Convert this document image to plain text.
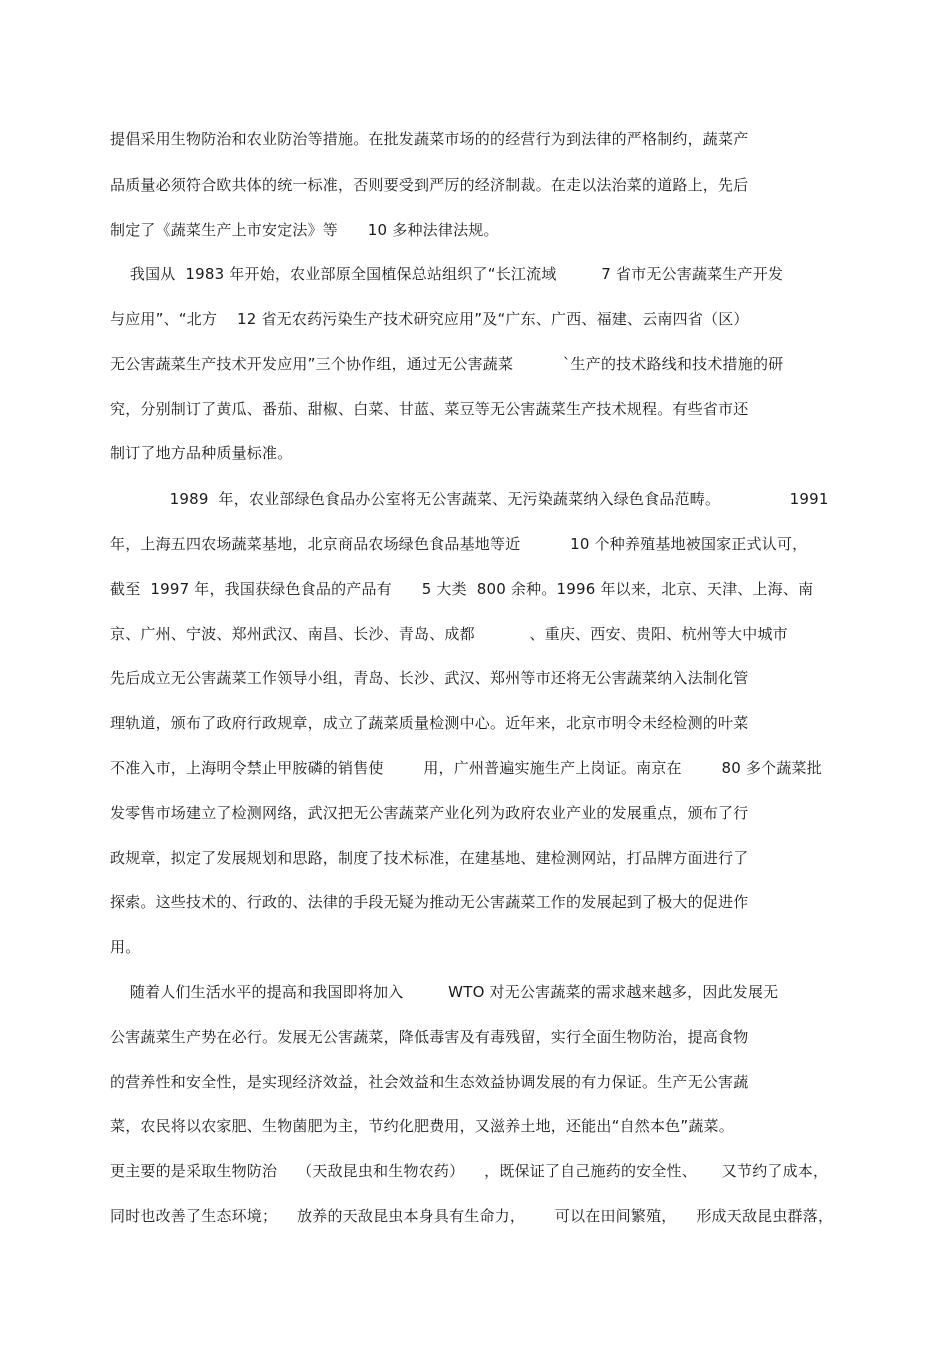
提倡采用生物防治和农业防治等措施。在批发蔬菜市场的的经营行为到法律的严格制约，蔬菜产
品质量必须符合欧共体的统一标准，否则要受到严厉的经济制裁。在走以法治菜的道路上，先后
制定了《蔬菜生产上市安定法》等      10 多种法律法规。
我国从  1983 年开始，农业部原全国植保总站组织了“长江流域         7 省市无公害蔬菜生产开发
与应用”、“北方    12 省无农药污染生产技术研究应用”及“广东、广西、福建、云南四省（区）
无公害蔬菜生产技术开发应用”三个协作组，通过无公害蔬菜          `生产的技术路线和技术措施的研
究，分别制订了黄瓜、番茄、甜椒、白菜、甘蓝、菜豆等无公害蔬菜生产技术规程。有些省市还
制订了地方品种质量标准。
1989  年，农业部绿色食品办公室将无公害蔬菜、无污染蔬菜纳入绿色食品范畴。              1991
年，上海五四农场蔬菜基地，北京商品农场绿色食品基地等近          10 个种养殖基地被国家正式认可，
截至  1997 年，我国获绿色食品的产品有      5 大类  800 余种。1996 年以来，北京、天津、上海、南
京、广州、宁波、郑州武汉、南昌、长沙、青岛、成都           、重庆、西安、贵阳、杭州等大中城市
先后成立无公害蔬菜工作领导小组，青岛、长沙、武汉、郑州等市还将无公害蔬菜纳入法制化管
理轨道，颁布了政府行政规章，成立了蔬菜质量检测中心。近年来，北京市明令未经检测的叶菜
不准入市，上海明令禁止甲胺磷的销售使        用，广州普遍实施生产上岗证。南京在        80 多个蔬菜批
发零售市场建立了检测网络，武汉把无公害蔬菜产业化列为政府农业产业的发展重点，颁布了行
政规章，拟定了发展规划和思路，制度了技术标准，在建基地、建检测网站，打品牌方面进行了
探索。这些技术的、行政的、法律的手段无疑为推动无公害蔬菜工作的发展起到了极大的促进作
用。
随着人们生活水平的提高和我国即将加入         WTO 对无公害蔬菜的需求越来越多，因此发展无
公害蔬菜生产势在必行。发展无公害蔬菜，降低毒害及有毒残留，实行全面生物防治，提高食物
的营养性和安全性，是实现经济效益，社会效益和生态效益协调发展的有力保证。生产无公害蔬
菜，农民将以农家肥、生物菌肥为主，节约化肥费用，又滋养土地，还能出“自然本色”蔬菜。
更主要的是采取生物防治    （天敌昆虫和生物农药）    ，既保证了自己施药的安全性、     又节约了成本，
同时也改善了生态环境；    放养的天敌昆虫本身具有生命力，      可以在田间繁殖，    形成天敌昆虫群落，
